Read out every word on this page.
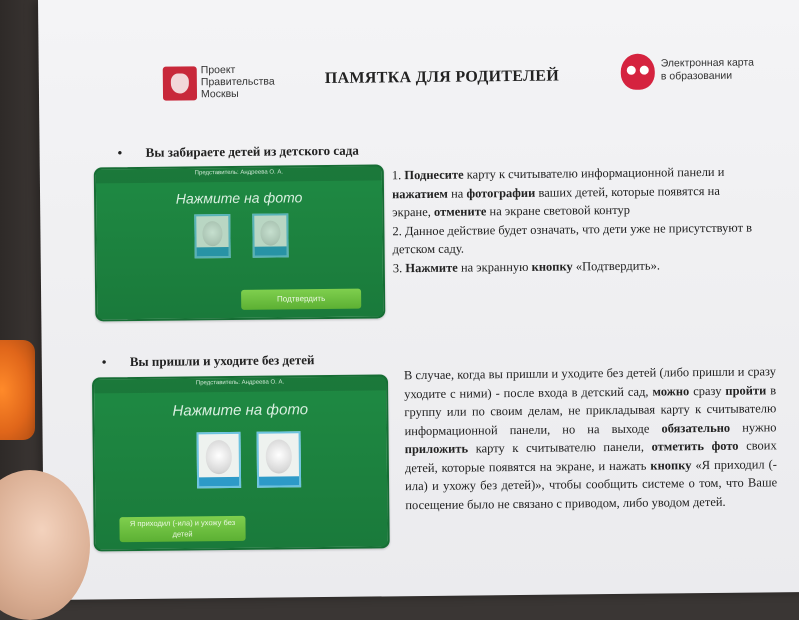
Проект
Правительства
Москвы
ПАМЯТКА ДЛЯ РОДИТЕЛЕЙ
Электронная карта
в образовании
• Вы забираете детей из детского сада
Представитель: Андреева О. А.
Нажмите на фото
Подтвердить
1. Поднесите карту к считывателю информационной панели и нажатием на фотографии ваших детей, которые появятся на экране, отмените на экране световой контур
2. Данное действие будет означать, что дети уже не присутствуют в детском саду.
3. Нажмите на экранную кнопку «Подтвердить».
• Вы пришли и уходите без детей
Представитель: Андреева О. А.
Нажмите на фото
Я приходил (-ила) и ухожу без детей
В случае, когда вы пришли и уходите без детей (либо пришли и сразу уходите с ними) - после входа в детский сад, можно сразу пройти в группу или по своим делам, не прикладывая карту к считывателю информационной панели, но на выходе обязательно нужно приложить карту к считывателю панели, отметить фото своих детей, которые появятся на экране, и нажать кнопку «Я приходил (-ила) и ухожу без детей)», чтобы сообщить системе о том, что Ваше посещение было не связано с приводом, либо уводом детей.
